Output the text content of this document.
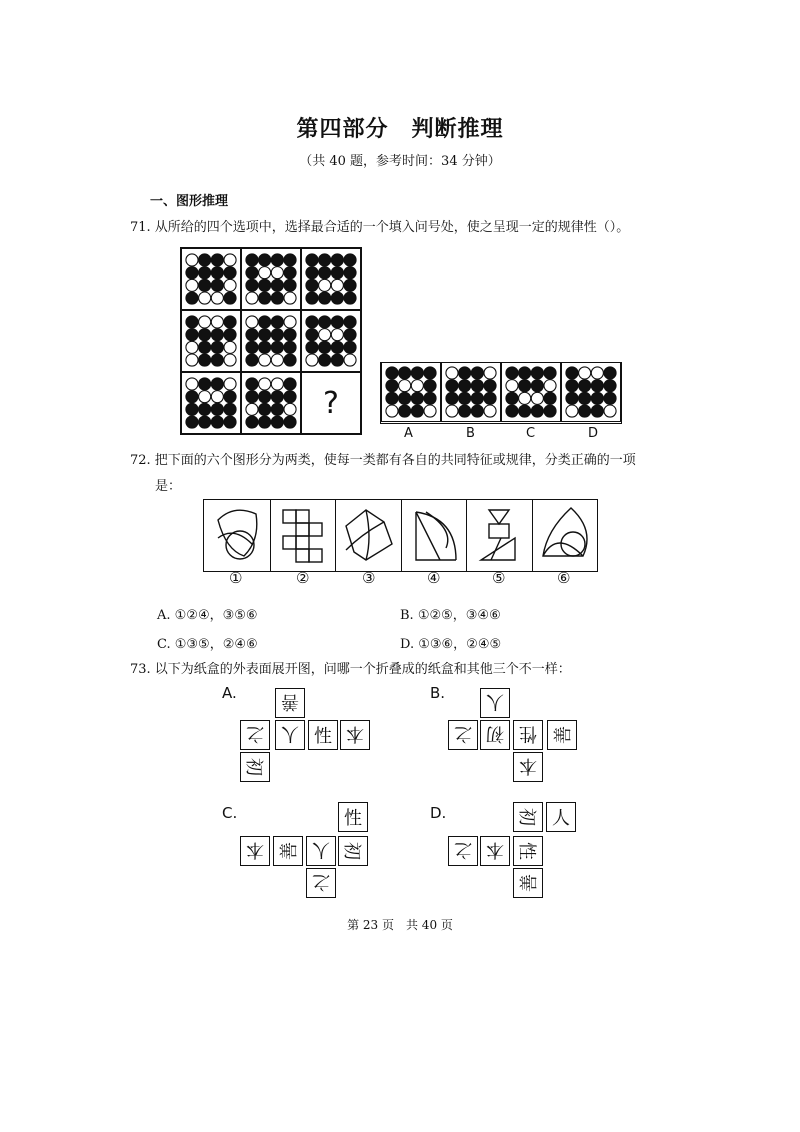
第四部分　判断推理
（共 40 题，参考时间：34 分钟）
一、图形推理
71. 从所给的四个选项中，选择最合适的一个填入问号处，使之呈现一定的规律性（）。
?
A	B	C	D
72. 把下面的六个图形分为两类，使每一类都有各自的共同特征或规律，分类正确的一项
是：
①	②	③	④	⑤	⑥
A. ①②④，③⑤⑥	B. ①②⑤，③④⑥
C. ①③⑤，②④⑥	D. ①③⑥，②④⑤
73. 以下为纸盒的外表面展开图，问哪一个折叠成的纸盒和其他三个不一样：
A. 善
之 人 性 本
初
B. 人
之 初 性 善
本
C.	性
本 善 人 初
之
D.	初 人
之 本 性
善
第 23 页　共 40 页
